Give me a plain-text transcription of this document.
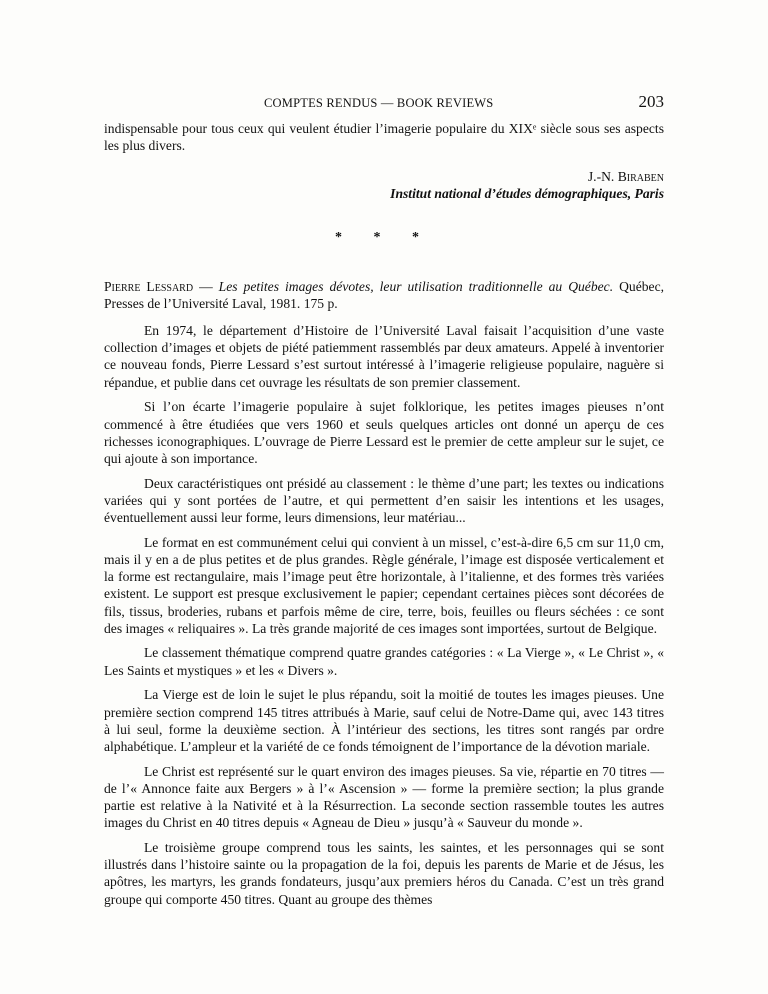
COMPTES RENDUS — BOOK REVIEWS	203
indispensable pour tous ceux qui veulent étudier l’imagerie populaire du XIXᵉ siècle sous ses aspects les plus divers.
J.-N. Biraben
Institut national d’études démographiques, Paris
* * *
Pierre Lessard — Les petites images dévotes, leur utilisation traditionnelle au Québec. Québec, Presses de l’Université Laval, 1981. 175 p.

En 1974, le département d’Histoire de l’Université Laval faisait l’acquisition d’une vaste collection d’images et objets de piété patiemment rassemblés par deux amateurs. Appelé à inventorier ce nouveau fonds, Pierre Lessard s’est surtout intéressé à l’imagerie religieuse populaire, naguère si répandue, et publie dans cet ouvrage les résultats de son premier classement.

Si l’on écarte l’imagerie populaire à sujet folklorique, les petites images pieuses n’ont commencé à être étudiées que vers 1960 et seuls quelques articles ont donné un aperçu de ces richesses iconographiques. L’ouvrage de Pierre Lessard est le premier de cette ampleur sur le sujet, ce qui ajoute à son importance.

Deux caractéristiques ont présidé au classement : le thème d’une part; les textes ou indications variées qui y sont portées de l’autre, et qui permettent d’en saisir les intentions et les usages, éventuellement aussi leur forme, leurs dimensions, leur matériau...

Le format en est communément celui qui convient à un missel, c’est-à-dire 6,5 cm sur 11,0 cm, mais il y en a de plus petites et de plus grandes. Règle générale, l’image est disposée verticalement et la forme est rectangulaire, mais l’image peut être horizontale, à l’italienne, et des formes très variées existent. Le support est presque exclusivement le papier; cependant certaines pièces sont décorées de fils, tissus, broderies, rubans et parfois même de cire, terre, bois, feuilles ou fleurs séchées : ce sont des images « reliquaires ». La très grande majorité de ces images sont importées, surtout de Belgique.

Le classement thématique comprend quatre grandes catégories : « La Vierge », « Le Christ », « Les Saints et mystiques » et les « Divers ».

La Vierge est de loin le sujet le plus répandu, soit la moitié de toutes les images pieuses. Une première section comprend 145 titres attribués à Marie, sauf celui de Notre-Dame qui, avec 143 titres à lui seul, forme la deuxième section. À l’intérieur des sections, les titres sont rangés par ordre alphabétique. L’ampleur et la variété de ce fonds témoignent de l’importance de la dévotion mariale.

Le Christ est représenté sur le quart environ des images pieuses. Sa vie, répartie en 70 titres — de l’« Annonce faite aux Bergers » à l’« Ascension » — forme la première section; la plus grande partie est relative à la Nativité et à la Résurrection. La seconde section rassemble toutes les autres images du Christ en 40 titres depuis « Agneau de Dieu » jusqu’à « Sauveur du monde ».

Le troisième groupe comprend tous les saints, les saintes, et les personnages qui se sont illustrés dans l’histoire sainte ou la propagation de la foi, depuis les parents de Marie et de Jésus, les apôtres, les martyrs, les grands fondateurs, jusqu’aux premiers héros du Canada. C’est un très grand groupe qui comporte 450 titres. Quant au groupe des thèmes
